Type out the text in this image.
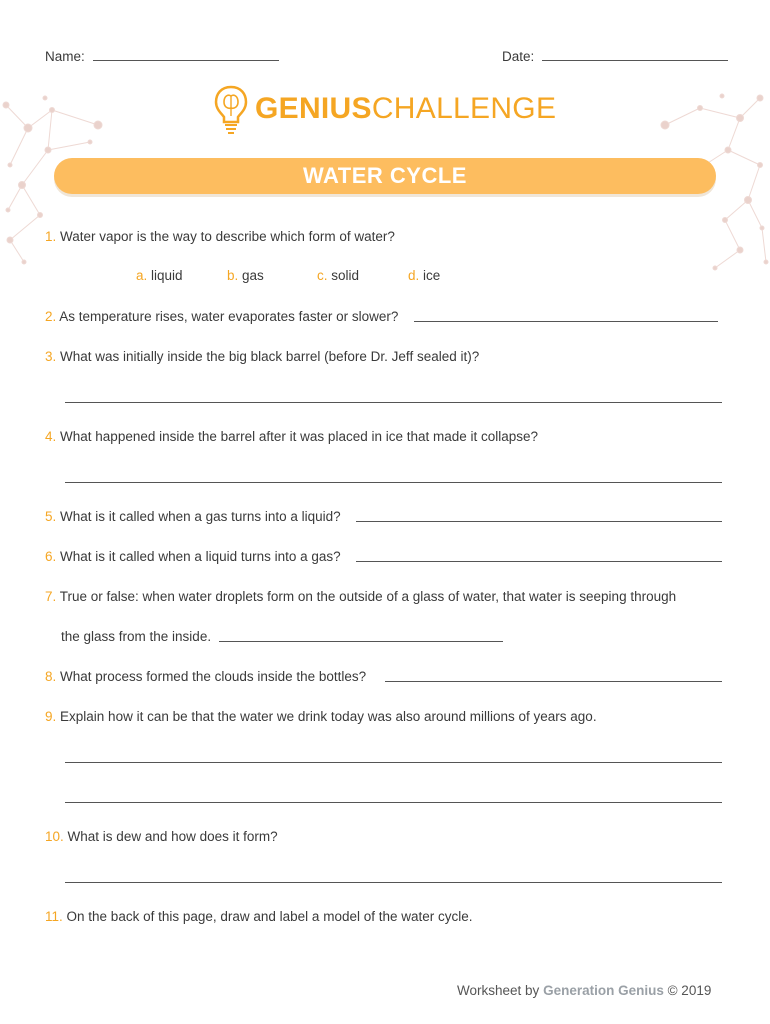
Name:	Date:
GENIUSCHALLENGE
WATER CYCLE
1. Water vapor is the way to describe which form of water?
a. liquid	b. gas	c. solid	d. ice
2. As temperature rises, water evaporates faster or slower?
3. What was initially inside the big black barrel (before Dr. Jeff sealed it)?
4. What happened inside the barrel after it was placed in ice that made it collapse?
5. What is it called when a gas turns into a liquid?
6. What is it called when a liquid turns into a gas?
7. True or false: when water droplets form on the outside of a glass of water, that water is seeping through
the glass from the inside.
8. What process formed the clouds inside the bottles?
9. Explain how it can be that the water we drink today was also around millions of years ago.
10. What is dew and how does it form?
11. On the back of this page, draw and label a model of the water cycle.
Worksheet by Generation Genius © 2019
